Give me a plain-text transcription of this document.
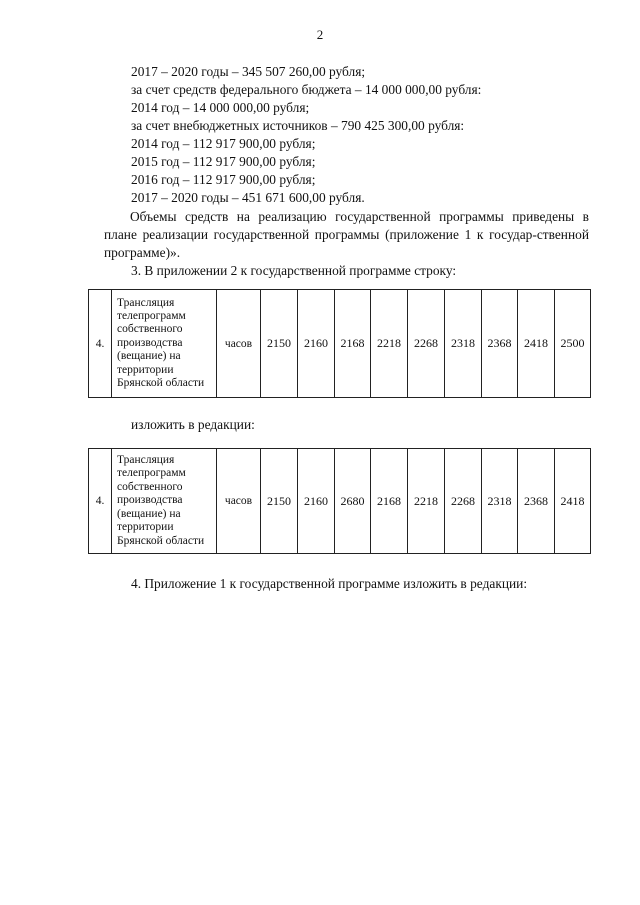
2
2017 – 2020 годы – 345 507 260,00 рубля;
за счет средств федерального бюджета – 14 000 000,00 рубля:
2014 год – 14 000 000,00 рубля;
за счет внебюджетных источников – 790 425 300,00 рубля:
2014 год – 112 917 900,00 рубля;
2015 год – 112 917 900,00 рубля;
2016 год – 112 917 900,00 рубля;
2017 – 2020 годы – 451 671 600,00 рубля.
Объемы средств на реализацию государственной программы приведены в плане реализации государственной программы (приложение 1 к государ-ственной программе)».
3. В приложении 2 к государственной программе строку:
4.	Трансляция телепрограмм собственного производства (вещание) на территории Брянской области	часов	2150	2160	2168	2218	2268	2318	2368	2418	2500
изложить в редакции:
4.	Трансляция телепрограмм собственного производства (вещание) на территории Брянской области	часов	2150	2160	2680	2168	2218	2268	2318	2368	2418
4. Приложение 1 к государственной программе изложить в редакции:
